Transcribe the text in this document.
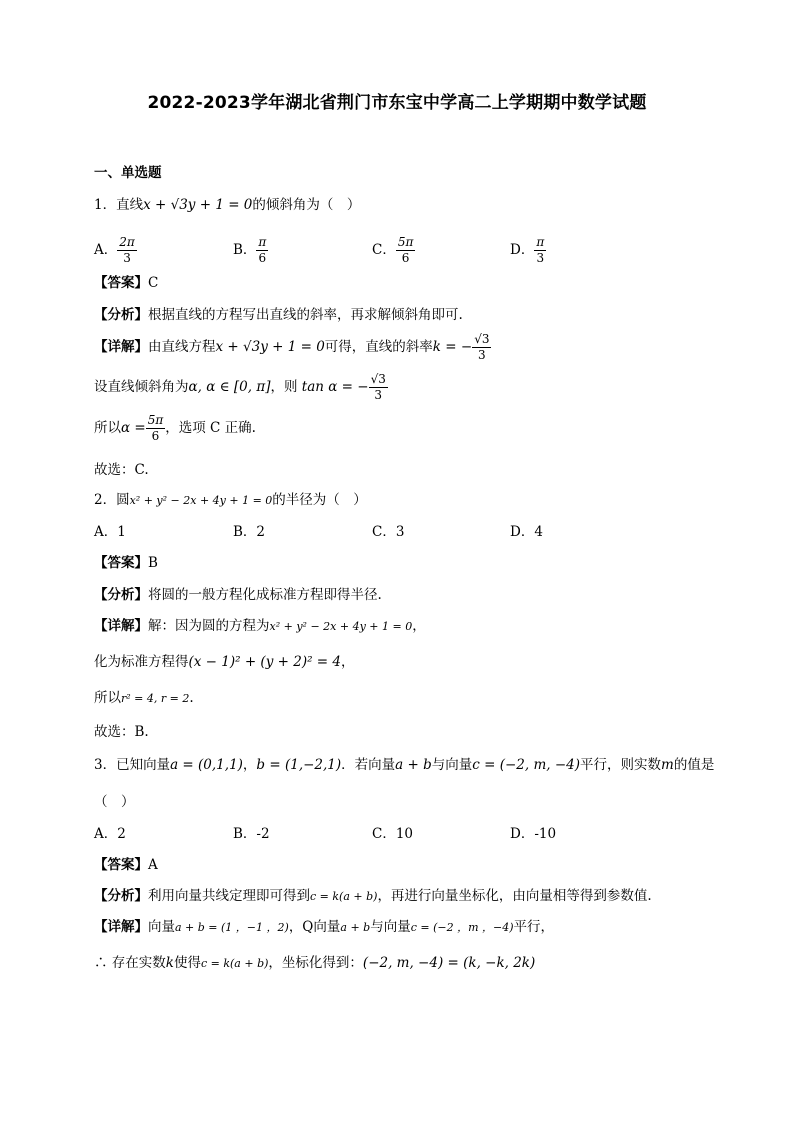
2022-2023学年湖北省荆门市东宝中学高二上学期期中数学试题
一、单选题
1．直线x + √3y + 1 = 0的倾斜角为（　）
A． $\frac{2\pi}{3}$	B． $\frac{\pi}{6}$	C． $\frac{5\pi}{6}$	D． $\frac{\pi}{3}$
【答案】C
【分析】根据直线的方程写出直线的斜率，再求解倾斜角即可.
【详解】由直线方程x + √3y + 1 = 0可得，直线的斜率k = − $\frac{√3}{3}$
设直线倾斜角为α, α ∈ [0, π]，则 tan α = − $\frac{√3}{3}$
所以$\alpha = \frac{5\pi}{6}$ ，选项 C 正确.
故选：C.
2．圆x² + y² − 2x + 4y + 1 = 0的半径为（　）
A．1	B．2	C．3	D．4
【答案】B
【分析】将圆的一般方程化成标准方程即得半径.
【详解】解：因为圆的方程为x² + y² − 2x + 4y + 1 = 0，
化为标准方程得(x − 1)² + (y + 2)² = 4，
所以r² = 4, r = 2.
故选：B.
3．已知向量a = (0,1,1)，b = (1,−2,1)．若向量a + b与向量c = (−2, m, −4)平行，则实数m的值是
（　）
A．2	B．-2	C．10	D．-10
【答案】A
【分析】利用向量共线定理即可得到c = k(a + b)，再进行向量坐标化，由向量相等得到参数值.
【详解】向量a + b = (1 ，−1 ，2)，Q向量a + b与向量c = (−2 ，m ，−4)平行，
∴ 存在实数k使得c = k(a + b)，坐标化得到：(−2, m, −4) = (k, −k, 2k)
